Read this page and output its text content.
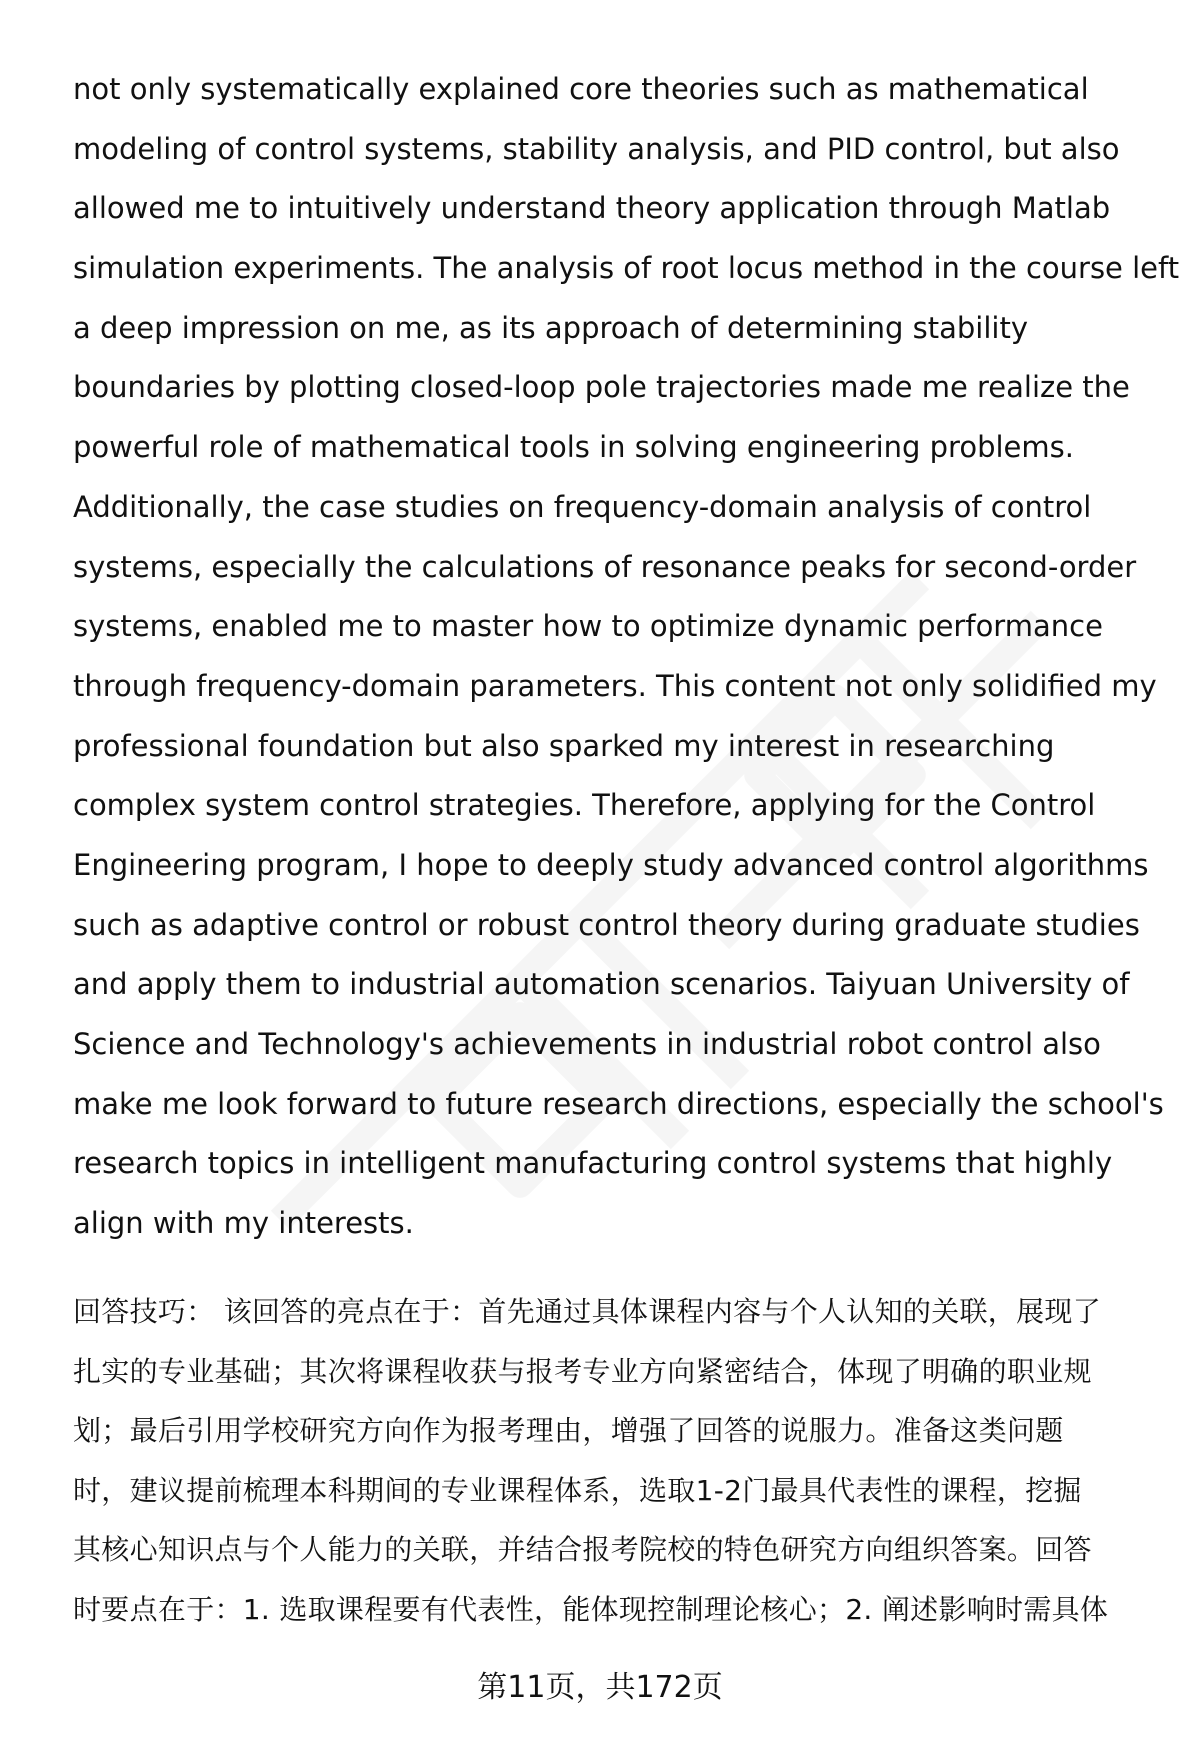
not only systematically explained core theories such as mathematical
modeling of control systems, stability analysis, and PID control, but also
allowed me to intuitively understand theory application through Matlab
simulation experiments. The analysis of root locus method in the course left
a deep impression on me, as its approach of determining stability
boundaries by plotting closed-loop pole trajectories made me realize the
powerful role of mathematical tools in solving engineering problems.
Additionally, the case studies on frequency-domain analysis of control
systems, especially the calculations of resonance peaks for second-order
systems, enabled me to master how to optimize dynamic performance
through frequency-domain parameters. This content not only solidified my
professional foundation but also sparked my interest in researching
complex system control strategies. Therefore, applying for the Control
Engineering program, I hope to deeply study advanced control algorithms
such as adaptive control or robust control theory during graduate studies
and apply them to industrial automation scenarios. Taiyuan University of
Science and Technology's achievements in industrial robot control also
make me look forward to future research directions, especially the school's
research topics in intelligent manufacturing control systems that highly
align with my interests.

回答技巧： 该回答的亮点在于：首先通过具体课程内容与个人认知的关联，展现了
扎实的专业基础；其次将课程收获与报考专业方向紧密结合，体现了明确的职业规
划；最后引用学校研究方向作为报考理由，增强了回答的说服力。准备这类问题
时，建议提前梳理本科期间的专业课程体系，选取1-2门最具代表性的课程，挖掘
其核心知识点与个人能力的关联，并结合报考院校的特色研究方向组织答案。回答
时要点在于：1. 选取课程要有代表性，能体现控制理论核心；2. 阐述影响时需具体
第11页，共172页
